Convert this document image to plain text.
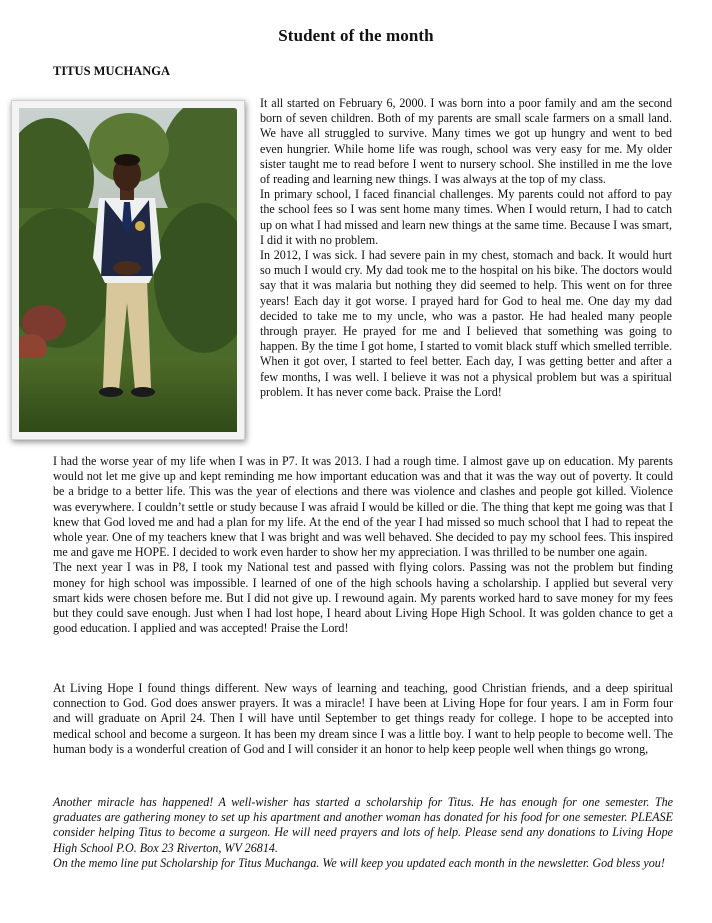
Student of the month
TITUS MUCHANGA

It all started on February 6, 2000. I was born into a poor family and am the second born of seven children. Both of my parents are small scale farmers on a small land. We have all struggled to survive. Many times we got up hungry and went to bed even hungrier. While home life was rough, school was very easy for me. My older sister taught me to read before I went to nursery school. She instilled in me the love of reading and learning new things. I was always at the top of my class.

In primary school, I faced financial challenges. My parents could not afford to pay the school fees so I was sent home many times. When I would return, I had to catch up on what I had missed and learn new things at the same time. Because I was smart, I did it with no problem.

In 2012, I was sick. I had severe pain in my chest, stomach and back. It would hurt so much I would cry. My dad took me to the hospital on his bike. The doctors would say that it was malaria but nothing they did seemed to help. This went on for three years! Each day it got worse. I prayed hard for God to heal me. One day my dad decided to take me to my uncle, who was a pastor. He had healed many people through prayer. He prayed for me and I believed that something was going to happen. By the time I got home, I started to vomit black stuff which smelled terrible. When it got over, I started to feel better. Each day, I was getting better and after a few months, I was well. I believe it was not a physical problem but was a spiritual problem. It has never come back. Praise the Lord!

I had the worse year of my life when I was in P7. It was 2013. I had a rough time. I almost gave up on education. My parents would not let me give up and kept reminding me how important education was and that it was the way out of poverty. It could be a bridge to a better life. This was the year of elections and there was violence and clashes and people got killed. Violence was everywhere. I couldn’t settle or study because I was afraid I would be killed or die. The thing that kept me going was that I knew that God loved me and had a plan for my life. At the end of the year I had missed so much school that I had to repeat the whole year. One of my teachers knew that I was bright and was well behaved. She decided to pay my school fees. This inspired me and gave me HOPE. I decided to work even harder to show her my appreciation. I was thrilled to be number one again.

The next year I was in P8, I took my National test and passed with flying colors. Passing was not the problem but finding money for high school was impossible. I learned of one of the high schools having a scholarship. I applied but several very smart kids were chosen before me. But I did not give up. I rewound again. My parents worked hard to save money for my fees but they could save enough. Just when I had lost hope, I heard about Living Hope High School. It was golden chance to get a good education. I applied and was accepted! Praise the Lord!

At Living Hope I found things different. New ways of learning and teaching, good Christian friends, and a deep spiritual connection to God. God does answer prayers. It was a miracle! I have been at Living Hope for four years. I am in Form four and will graduate on April 24. Then I will have until September to get things ready for college. I hope to be accepted into medical school and become a surgeon. It has been my dream since I was a little boy. I want to help people to become well. The human body is a wonderful creation of God and I will consider it an honor to help keep people well when things go wrong,

Another miracle has happened! A well-wisher has started a scholarship for Titus. He has enough for one semester. The graduates are gathering money to set up his apartment and another woman has donated for his food for one semester. PLEASE consider helping Titus to become a surgeon. He will need prayers and lots of help. Please send any donations to Living Hope High School P.O. Box 23 Riverton, WV 26814.

On the memo line put Scholarship for Titus Muchanga. We will keep you updated each month in the newsletter. God bless you!
